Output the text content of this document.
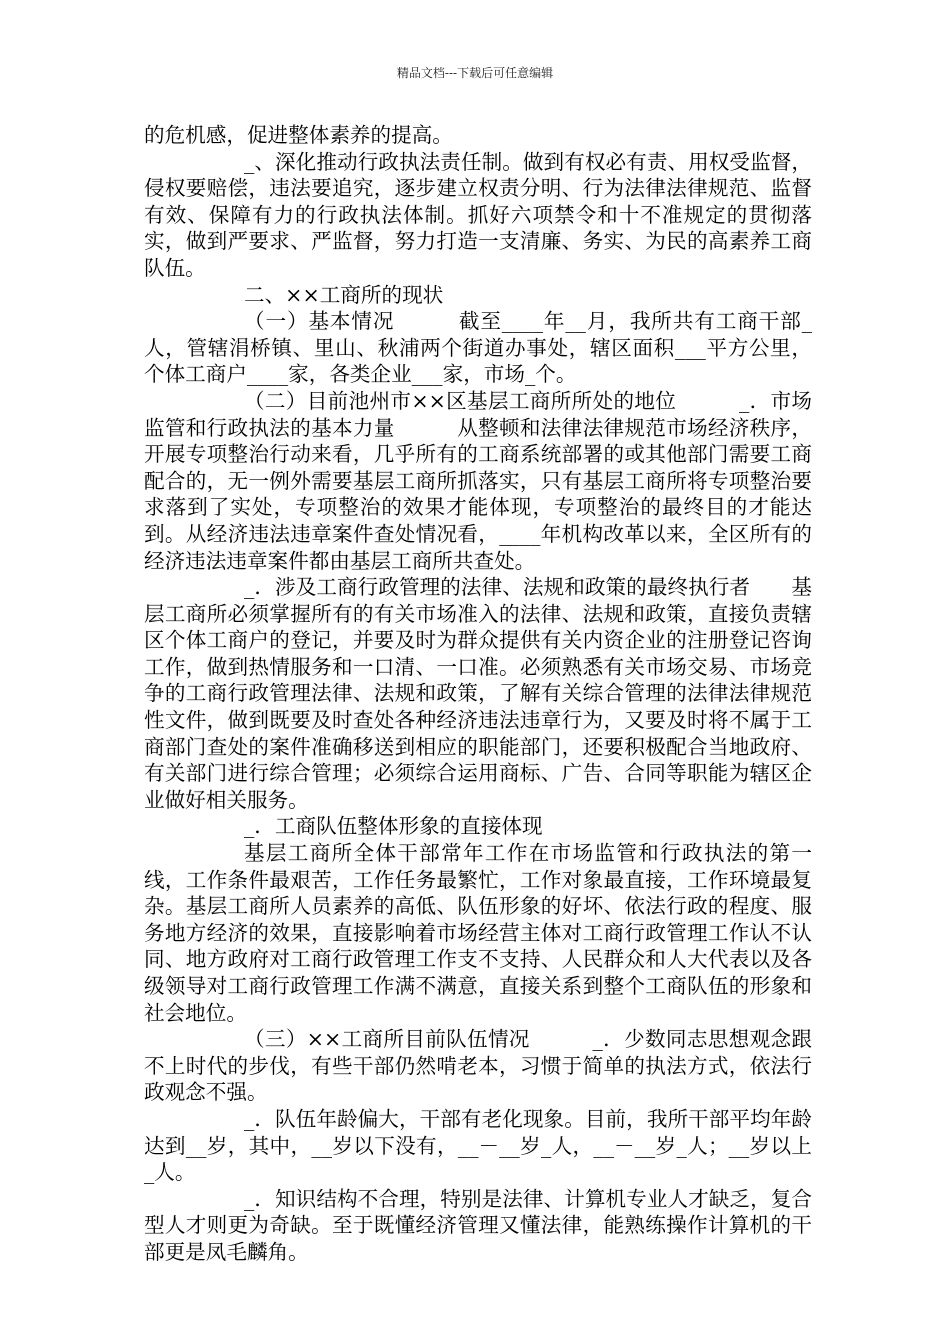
精品文档---下载后可任意编辑

的危机感，促进整体素养的提高。

_、深化推动行政执法责任制。做到有权必有责、用权受监督，侵权要赔偿，违法要追究，逐步建立权责分明、行为法律法律规范、监督有效、保障有力的行政执法体制。抓好六项禁令和十不准规定的贯彻落实，做到严要求、严监督，努力打造一支清廉、务实、为民的高素养工商队伍。

二、××工商所的现状

（一）基本情况　　　截至____年__月，我所共有工商干部_人，管辖涓桥镇、里山、秋浦两个街道办事处，辖区面积___平方公里，个体工商户____家，各类企业___家，市场_个。

（二）目前池州市××区基层工商所所处的地位　　　_．市场监管和行政执法的基本力量　　　从整顿和法律法律规范市场经济秩序，开展专项整治行动来看，几乎所有的工商系统部署的或其他部门需要工商配合的，无一例外需要基层工商所抓落实，只有基层工商所将专项整治要求落到了实处，专项整治的效果才能体现，专项整治的最终目的才能达到。从经济违法违章案件查处情况看，____年机构改革以来，全区所有的经济违法违章案件都由基层工商所共查处。

_．涉及工商行政管理的法律、法规和政策的最终执行者　　基层工商所必须掌握所有的有关市场准入的法律、法规和政策，直接负责辖区个体工商户的登记，并要及时为群众提供有关内资企业的注册登记咨询工作，做到热情服务和一口清、一口准。必须熟悉有关市场交易、市场竞争的工商行政管理法律、法规和政策，了解有关综合管理的法律法律规范性文件，做到既要及时查处各种经济违法违章行为，又要及时将不属于工商部门查处的案件准确移送到相应的职能部门，还要积极配合当地政府、有关部门进行综合管理；必须综合运用商标、广告、合同等职能为辖区企业做好相关服务。

_．工商队伍整体形象的直接体现

基层工商所全体干部常年工作在市场监管和行政执法的第一线，工作条件最艰苦，工作任务最繁忙，工作对象最直接，工作环境最复杂。基层工商所人员素养的高低、队伍形象的好坏、依法行政的程度、服务地方经济的效果，直接影响着市场经营主体对工商行政管理工作认不认同、地方政府对工商行政管理工作支不支持、人民群众和人大代表以及各级领导对工商行政管理工作满不满意，直接关系到整个工商队伍的形象和社会地位。

（三）××工商所目前队伍情况　　　_．少数同志思想观念跟不上时代的步伐，有些干部仍然啃老本，习惯于简单的执法方式，依法行政观念不强。

_．队伍年龄偏大，干部有老化现象。目前，我所干部平均年龄达到__岁，其中，__岁以下没有，__－__岁_人，__－__岁_人；__岁以上_人。

_．知识结构不合理，特别是法律、计算机专业人才缺乏，复合型人才则更为奇缺。至于既懂经济管理又懂法律，能熟练操作计算机的干部更是凤毛麟角。
